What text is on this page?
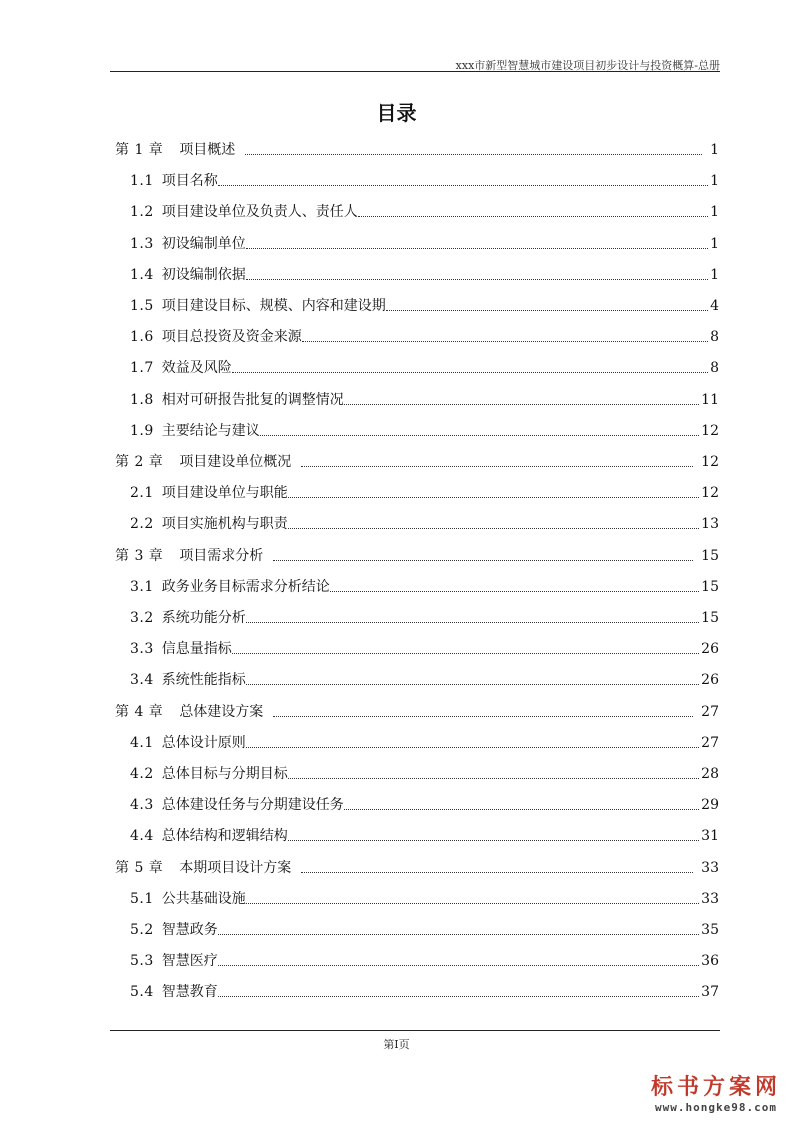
xxx市新型智慧城市建设项目初步设计与投资概算-总册
目录
第 1 章 项目概述	1
1.1 项目名称	1
1.2 项目建设单位及负责人、责任人	1
1.3 初设编制单位	1
1.4 初设编制依据	1
1.5 项目建设目标、规模、内容和建设期	4
1.6 项目总投资及资金来源	8
1.7 效益及风险	8
1.8 相对可研报告批复的调整情况	11
1.9 主要结论与建议	12
第 2 章 项目建设单位概况	12
2.1 项目建设单位与职能	12
2.2 项目实施机构与职责	13
第 3 章 项目需求分析	15
3.1 政务业务目标需求分析结论	15
3.2 系统功能分析	15
3.3 信息量指标	26
3.4 系统性能指标	26
第 4 章 总体建设方案	27
4.1 总体设计原则	27
4.2 总体目标与分期目标	28
4.3 总体建设任务与分期建设任务	29
4.4 总体结构和逻辑结构	31
第 5 章 本期项目设计方案	33
5.1 公共基础设施	33
5.2 智慧政务	35
5.3 智慧医疗	36
5.4 智慧教育	37
第I页
标书方案网
www.hongke98.com
